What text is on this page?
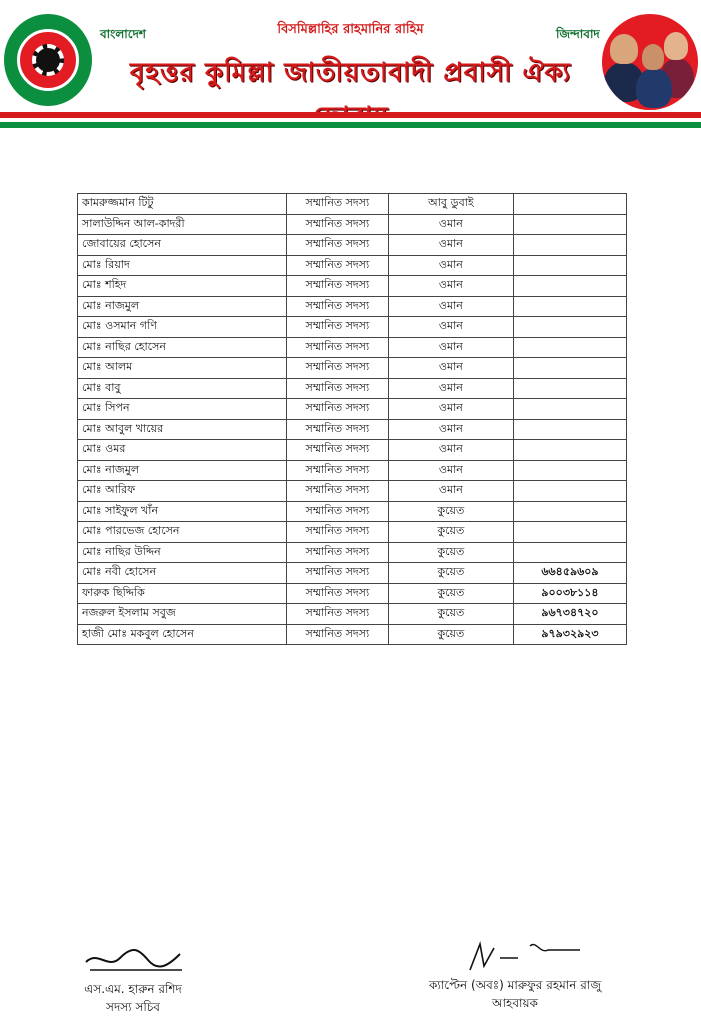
বাংলাদেশ	বিসমিল্লাহির রাহমানির রাহিম	জিন্দাবাদ
বৃহত্তর কুমিল্লা জাতীয়তাবাদী প্রবাসী ঐক্য
কামরুজ্জমান টিটু	সম্মানিত সদস্য	আবু ডুবাই	
সালাউদ্দিন আল-কাদরী	সম্মানিত সদস্য	ওমান	
জোবায়ের হোসেন	সম্মানিত সদস্য	ওমান	
মোঃ রিয়াদ	সম্মানিত সদস্য	ওমান	
মোঃ শহিদ	সম্মানিত সদস্য	ওমান	
মোঃ নাজমুল	সম্মানিত সদস্য	ওমান	
মোঃ ওসমান গণি	সম্মানিত সদস্য	ওমান	
মোঃ নাছির হোসেন	সম্মানিত সদস্য	ওমান	
মোঃ আলম	সম্মানিত সদস্য	ওমান	
মোঃ বাবু	সম্মানিত সদস্য	ওমান	
মোঃ সিপন	সম্মানিত সদস্য	ওমান	
মোঃ আবুল খায়ের	সম্মানিত সদস্য	ওমান	
মোঃ ওমর	সম্মানিত সদস্য	ওমান	
মোঃ নাজমুল	সম্মানিত সদস্য	ওমান	
মোঃ আরিফ	সম্মানিত সদস্য	ওমান	
মোঃ সাইফুল খাঁন	সম্মানিত সদস্য	কুয়েত	
মোঃ পারভেজ হোসেন	সম্মানিত সদস্য	কুয়েত	
মোঃ নাছির উদ্দিন	সম্মানিত সদস্য	কুয়েত	
মোঃ নবী হোসেন	সম্মানিত সদস্য	কুয়েত	৬৬৪৫৯৬০৯
ফারুক ছিদ্দিকি	সম্মানিত সদস্য	কুয়েত	৯০০৩৮১১৪
নজরুল ইসলাম সবুজ	সম্মানিত সদস্য	কুয়েত	৯৬৭৩৪৭২০
হাজী মোঃ মকবুল হোসেন	সম্মানিত সদস্য	কুয়েত	৯৭৯৩২৯২৩
এস.এম. হারুন রশিদ
সদস্য সচিব
ক্যাপ্টেন (অবঃ) মারুফুর রহমান রাজু
আহবায়ক
